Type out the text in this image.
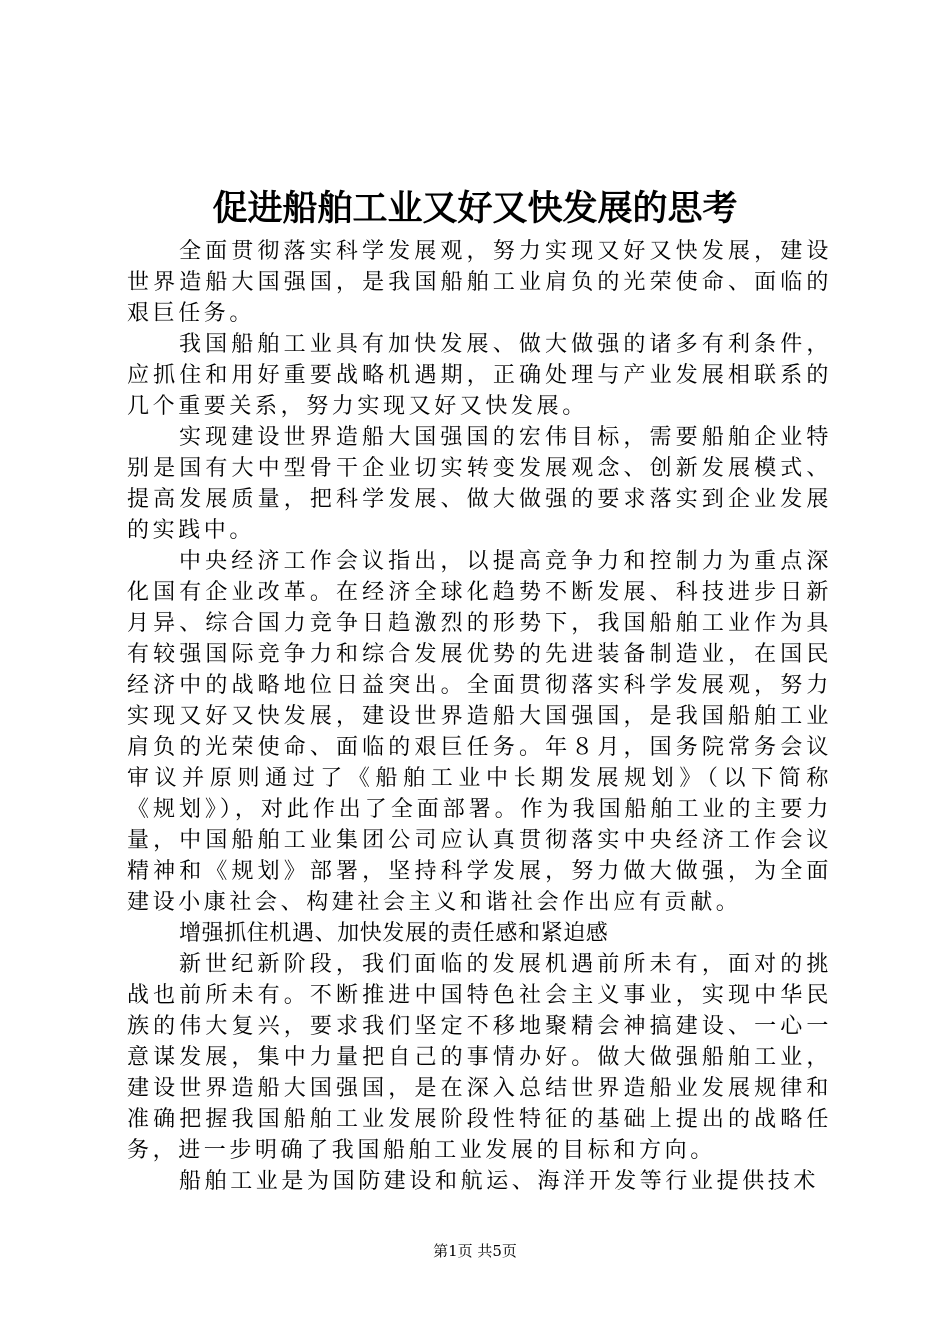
促进船舶工业又好又快发展的思考

全面贯彻落实科学发展观，努力实现又好又快发展，建设世界造船大国强国，是我国船舶工业肩负的光荣使命、面临的艰巨任务。

我国船舶工业具有加快发展、做大做强的诸多有利条件，应抓住和用好重要战略机遇期，正确处理与产业发展相联系的几个重要关系，努力实现又好又快发展。

实现建设世界造船大国强国的宏伟目标，需要船舶企业特别是国有大中型骨干企业切实转变发展观念、创新发展模式、提高发展质量，把科学发展、做大做强的要求落实到企业发展的实践中。

中央经济工作会议指出，以提高竞争力和控制力为重点深化国有企业改革。在经济全球化趋势不断发展、科技进步日新月异、综合国力竞争日趋激烈的形势下，我国船舶工业作为具有较强国际竞争力和综合发展优势的先进装备制造业，在国民经济中的战略地位日益突出。全面贯彻落实科学发展观，努力实现又好又快发展，建设世界造船大国强国，是我国船舶工业肩负的光荣使命、面临的艰巨任务。年８月，国务院常务会议审议并原则通过了《船舶工业中长期发展规划》（以下简称《规划》），对此作出了全面部署。作为我国船舶工业的主要力量，中国船舶工业集团公司应认真贯彻落实中央经济工作会议精神和《规划》部署，坚持科学发展，努力做大做强，为全面建设小康社会、构建社会主义和谐社会作出应有贡献。

增强抓住机遇、加快发展的责任感和紧迫感

新世纪新阶段，我们面临的发展机遇前所未有，面对的挑战也前所未有。不断推进中国特色社会主义事业，实现中华民族的伟大复兴，要求我们坚定不移地聚精会神搞建设、一心一意谋发展，集中力量把自己的事情办好。做大做强船舶工业，建设世界造船大国强国，是在深入总结世界造船业发展规律和准确把握我国船舶工业发展阶段性特征的基础上提出的战略任务，进一步明确了我国船舶工业发展的目标和方向。

船舶工业是为国防建设和航运、海洋开发等行业提供技术

第1页 共5页
